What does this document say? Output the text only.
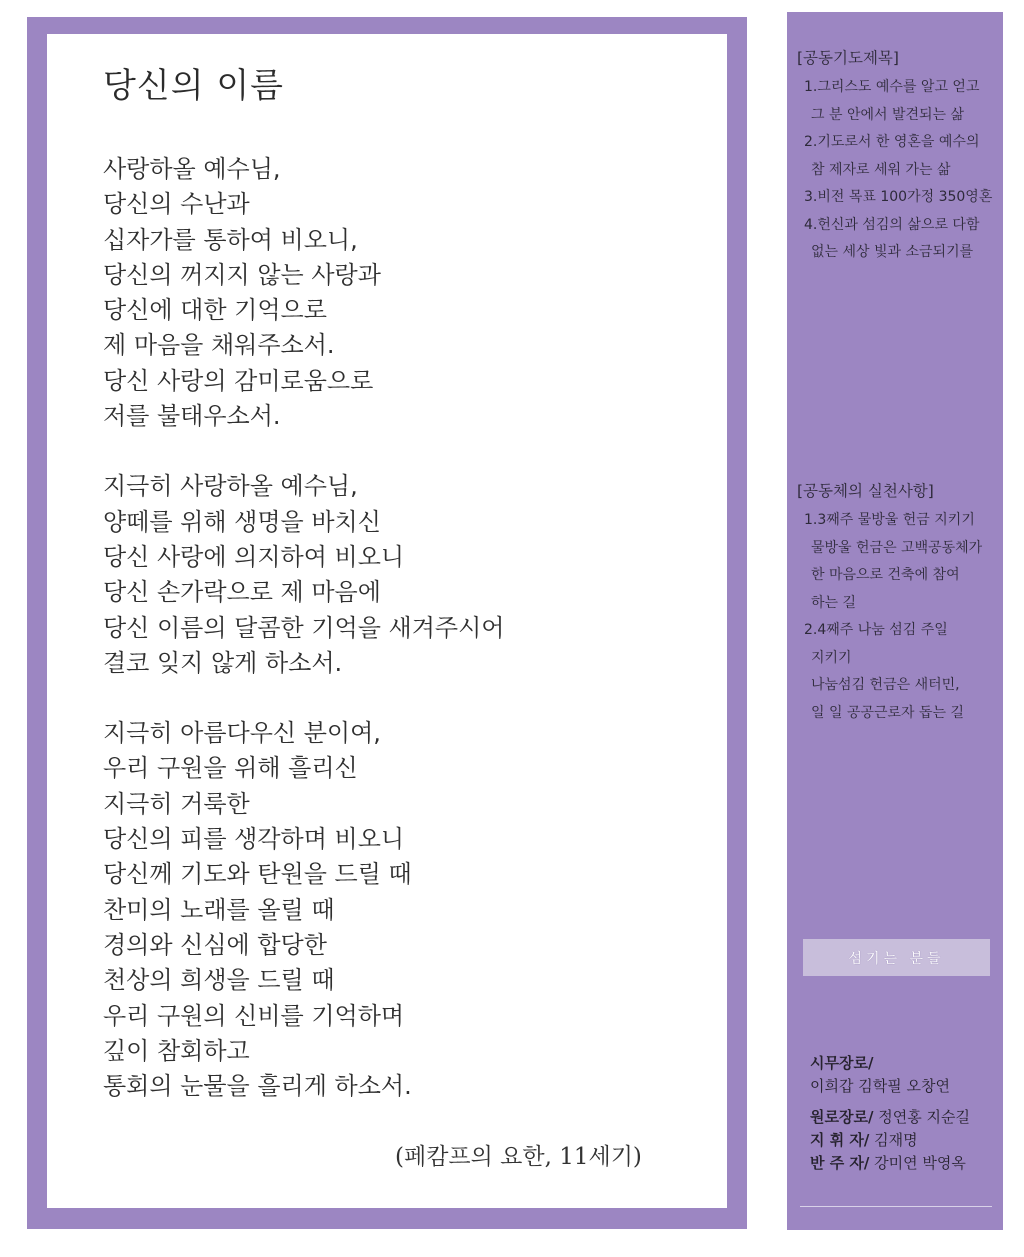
당신의 이름
사랑하올 예수님,
당신의 수난과
십자가를 통하여 비오니,
당신의 꺼지지 않는 사랑과
당신에 대한 기억으로
제 마음을 채워주소서.
당신 사랑의 감미로움으로
저를 불태우소서.
지극히 사랑하올 예수님,
양떼를 위해 생명을 바치신
당신 사랑에 의지하여 비오니
당신 손가락으로 제 마음에
당신 이름의 달콤한 기억을 새겨주시어
결코 잊지 않게 하소서.
지극히 아름다우신 분이여,
우리 구원을 위해 흘리신
지극히 거룩한
당신의 피를 생각하며 비오니
당신께 기도와 탄원을 드릴 때
찬미의 노래를 올릴 때
경의와 신심에 합당한
천상의 희생을 드릴 때
우리 구원의 신비를 기억하며
깊이 참회하고
통회의 눈물을 흘리게 하소서.
(페캄프의 요한, 11세기)
[공동기도제목]
1.그리스도 예수를 알고 얻고
그 분 안에서 발견되는 삶
2.기도로서 한 영혼을 예수의
참 제자로 세워 가는 삶
3.비전 목표 100가정 350영혼
4.헌신과 섬김의 삶으로 다함
없는 세상 빛과 소금되기를
[공동체의 실천사항]
1.3째주 물방울 헌금 지키기
물방울 헌금은 고백공동체가
한 마음으로 건축에 참여
하는 길
2.4째주 나눔 섬김 주일
지키기
나눔섬김 헌금은 새터민,
일 일 공공근로자 돕는 길
섬기는 분들
시무장로/
이희갑 김학필 오창연
원로장로/ 정연홍 지순길
지 휘 자/ 김재명
반 주 자/ 강미연 박영옥
